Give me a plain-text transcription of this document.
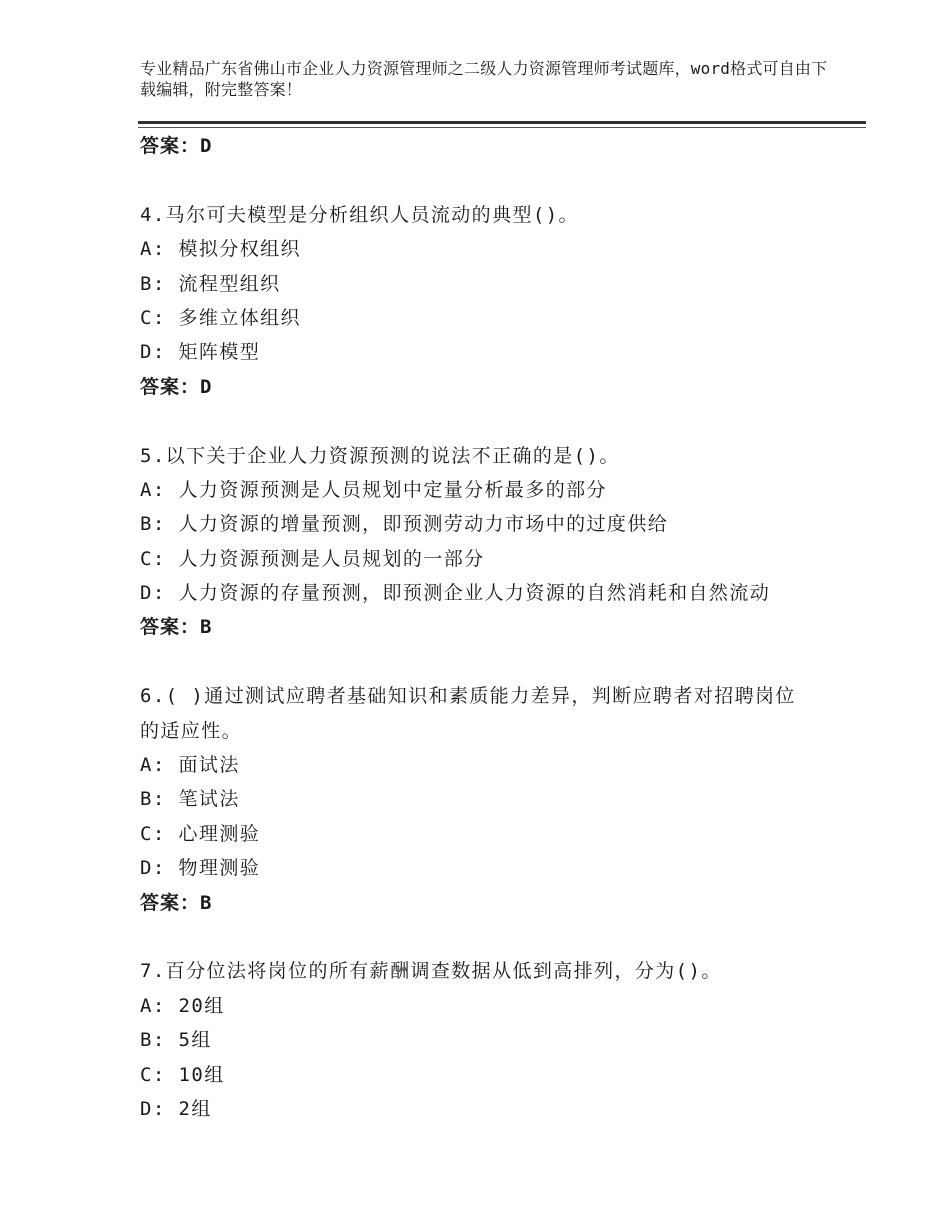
专业精品广东省佛山市企业人力资源管理师之二级人力资源管理师考试题库，word格式可自由下载编辑，附完整答案！
答案：D
4.马尔可夫模型是分析组织人员流动的典型()。
A: 模拟分权组织
B: 流程型组织
C: 多维立体组织
D: 矩阵模型
答案：D
5.以下关于企业人力资源预测的说法不正确的是()。
A: 人力资源预测是人员规划中定量分析最多的部分
B: 人力资源的增量预测，即预测劳动力市场中的过度供给
C: 人力资源预测是人员规划的一部分
D: 人力资源的存量预测，即预测企业人力资源的自然消耗和自然流动
答案：B
6.( )通过测试应聘者基础知识和素质能力差异，判断应聘者对招聘岗位的适应性。
A: 面试法
B: 笔试法
C: 心理测验
D: 物理测验
答案：B
7.百分位法将岗位的所有薪酬调查数据从低到高排列，分为()。
A: 20组
B: 5组
C: 10组
D: 2组
